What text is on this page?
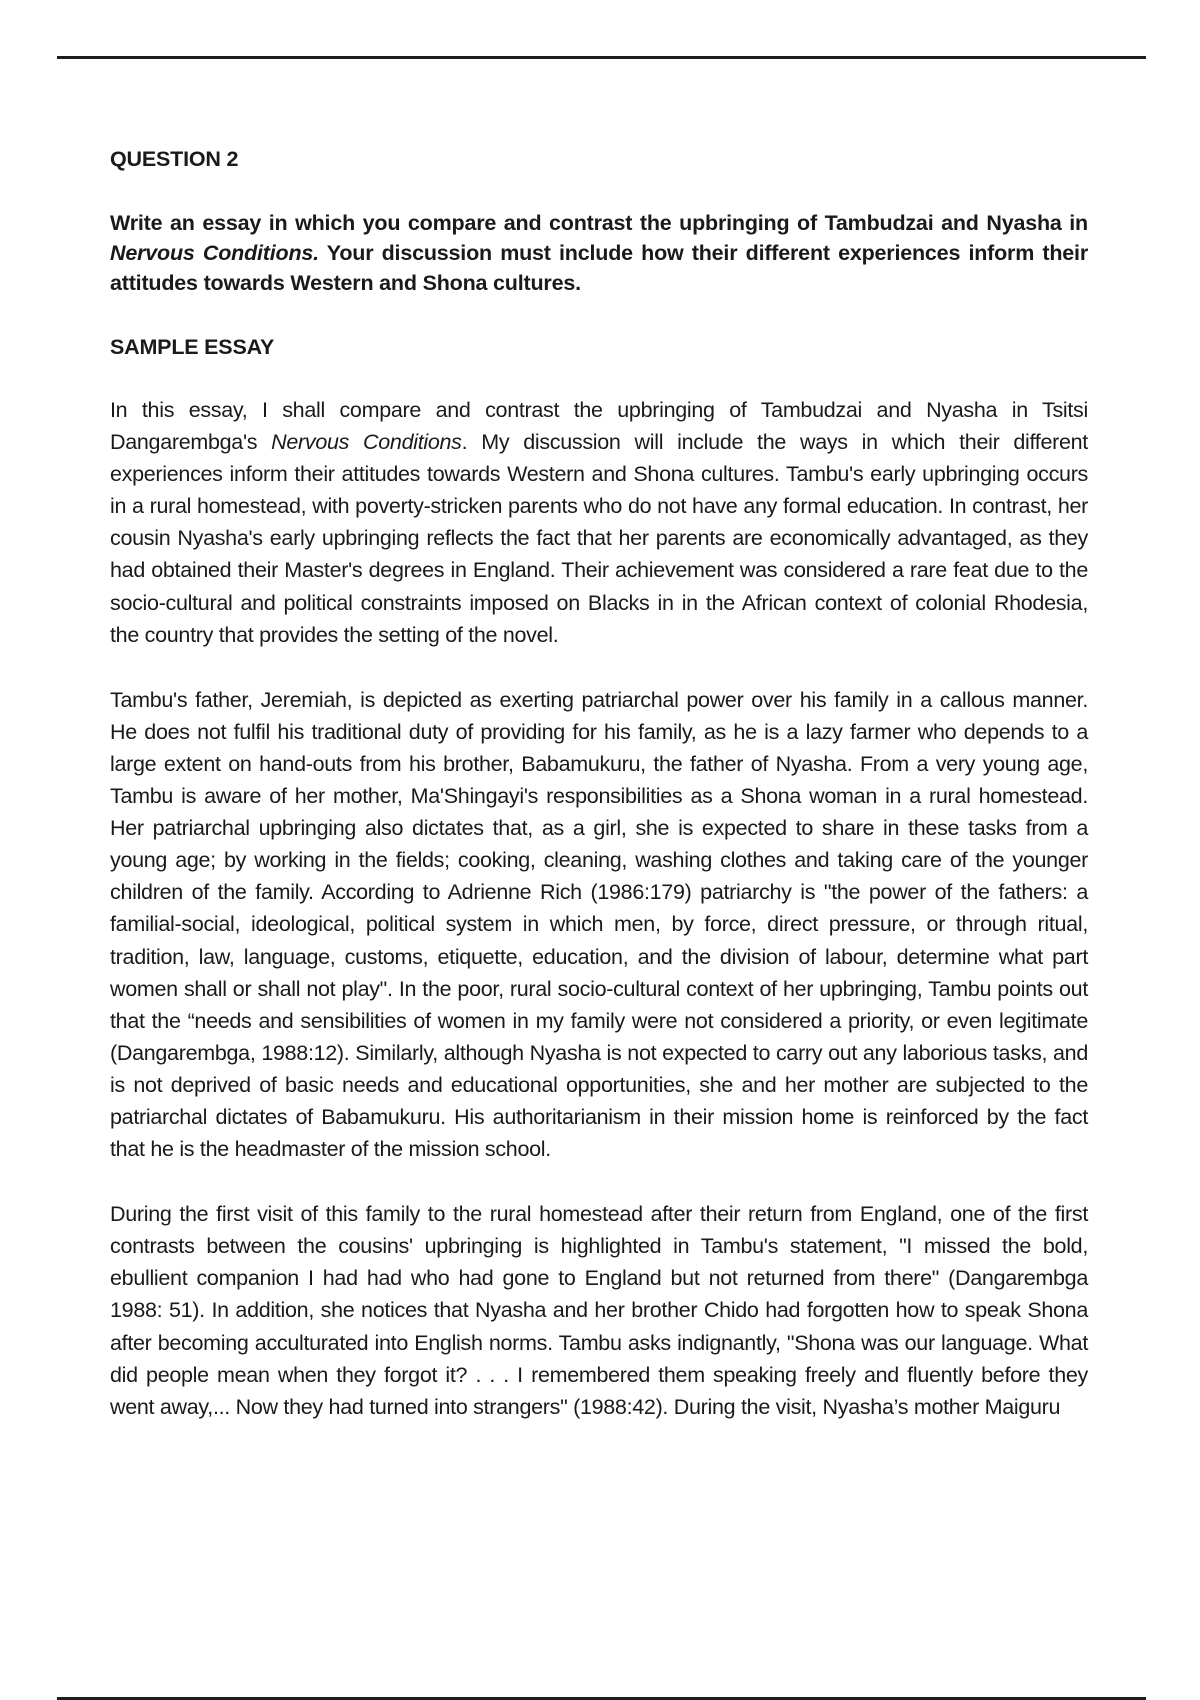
QUESTION 2

Write an essay in which you compare and contrast the upbringing of Tambudzai and Nyasha in Nervous Conditions. Your discussion must include how their different experiences inform their attitudes towards Western and Shona cultures.

SAMPLE ESSAY

In this essay, I shall compare and contrast the upbringing of Tambudzai and Nyasha in Tsitsi Dangarembga's Nervous Conditions. My discussion will include the ways in which their different experiences inform their attitudes towards Western and Shona cultures. Tambu's early upbringing occurs in a rural homestead, with poverty-stricken parents who do not have any formal education. In contrast, her cousin Nyasha's early upbringing reflects the fact that her parents are economically advantaged, as they had obtained their Master's degrees in England. Their achievement was considered a rare feat due to the socio-cultural and political constraints imposed on Blacks in in the African context of colonial Rhodesia, the country that provides the setting of the novel.

Tambu's father, Jeremiah, is depicted as exerting patriarchal power over his family in a callous manner. He does not fulfil his traditional duty of providing for his family, as he is a lazy farmer who depends to a large extent on hand-outs from his brother, Babamukuru, the father of Nyasha. From a very young age, Tambu is aware of her mother, Ma'Shingayi's responsibilities as a Shona woman in a rural homestead. Her patriarchal upbringing also dictates that, as a girl, she is expected to share in these tasks from a young age; by working in the fields; cooking, cleaning, washing clothes and taking care of the younger children of the family. According to Adrienne Rich (1986:179) patriarchy is "the power of the fathers: a familial-social, ideological, political system in which men, by force, direct pressure, or through ritual, tradition, law, language, customs, etiquette, education, and the division of labour, determine what part women shall or shall not play". In the poor, rural socio-cultural context of her upbringing, Tambu points out that the “needs and sensibilities of women in my family were not considered a priority, or even legitimate (Dangarembga, 1988:12). Similarly, although Nyasha is not expected to carry out any laborious tasks, and is not deprived of basic needs and educational opportunities, she and her mother are subjected to the patriarchal dictates of Babamukuru. His authoritarianism in their mission home is reinforced by the fact that he is the headmaster of the mission school.

During the first visit of this family to the rural homestead after their return from England, one of the first contrasts between the cousins' upbringing is highlighted in Tambu's statement, "I missed the bold, ebullient companion I had had who had gone to England but not returned from there" (Dangarembga 1988: 51). In addition, she notices that Nyasha and her brother Chido had forgotten how to speak Shona after becoming acculturated into English norms. Tambu asks indignantly, "Shona was our language. What did people mean when they forgot it? . . . I remembered them speaking freely and fluently before they went away,... Now they had turned into strangers" (1988:42). During the visit, Nyasha’s mother Maiguru
